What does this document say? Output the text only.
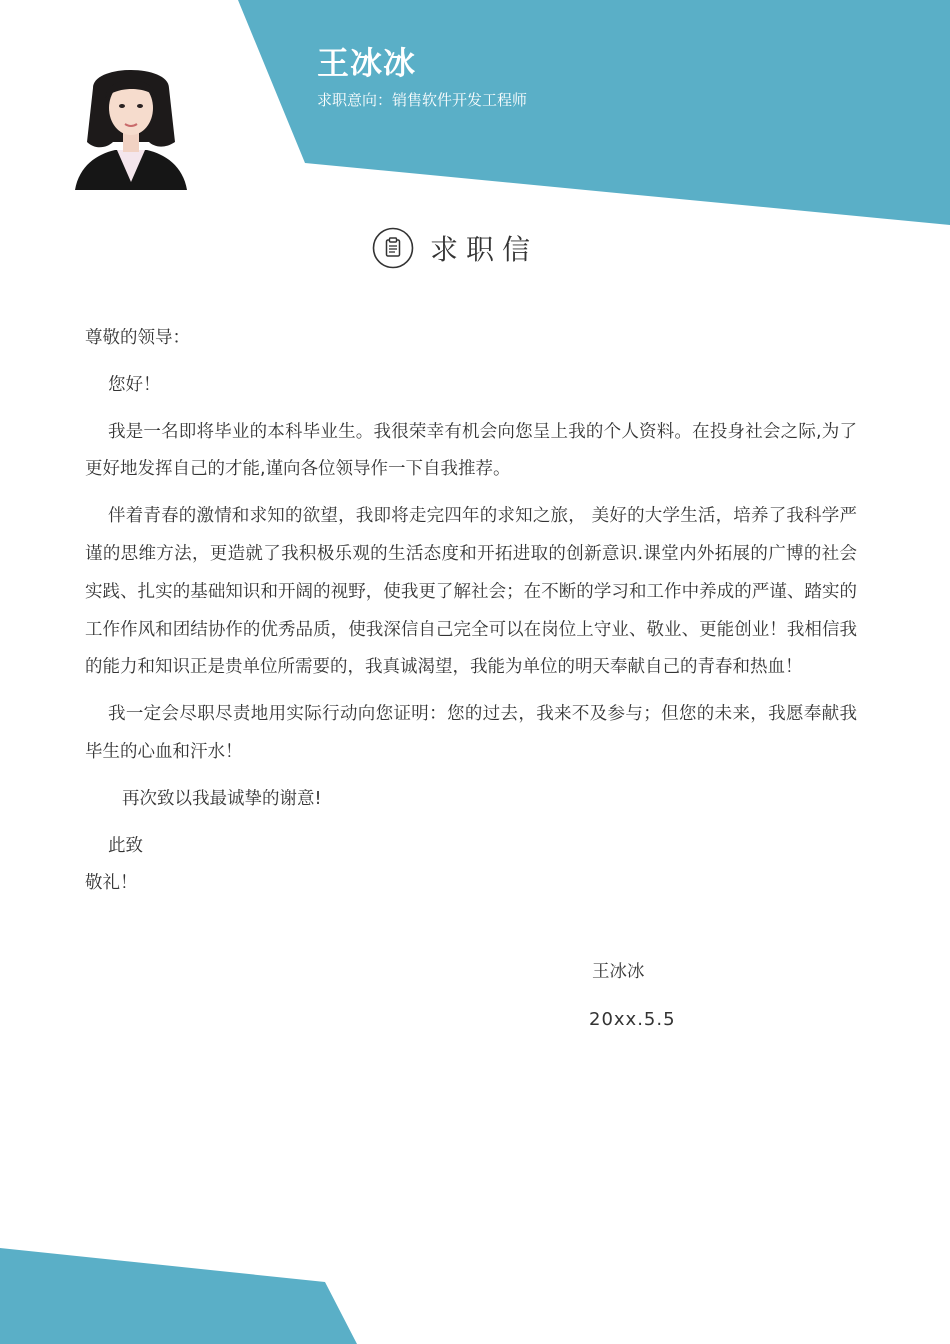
王冰冰
求职意向：销售软件开发工程师
求职信

尊敬的领导：

您好！

我是一名即将毕业的本科毕业生。我很荣幸有机会向您呈上我的个人资料。在投身社会之际,为了更好地发挥自己的才能,谨向各位领导作一下自我推荐。

伴着青春的激情和求知的欲望，我即将走完四年的求知之旅， 美好的大学生活，培养了我科学严谨的思维方法，更造就了我积极乐观的生活态度和开拓进取的创新意识.课堂内外拓展的广博的社会实践、扎实的基础知识和开阔的视野，使我更了解社会；在不断的学习和工作中养成的严谨、踏实的工作作风和团结协作的优秀品质，使我深信自己完全可以在岗位上守业、敬业、更能创业！我相信我的能力和知识正是贵单位所需要的，我真诚渴望，我能为单位的明天奉献自己的青春和热血！

我一定会尽职尽责地用实际行动向您证明：您的过去，我来不及参与；但您的未来，我愿奉献我毕生的心血和汗水！

再次致以我最诚挚的谢意!

此致

敬礼！

王冰冰
20xx.5.5
